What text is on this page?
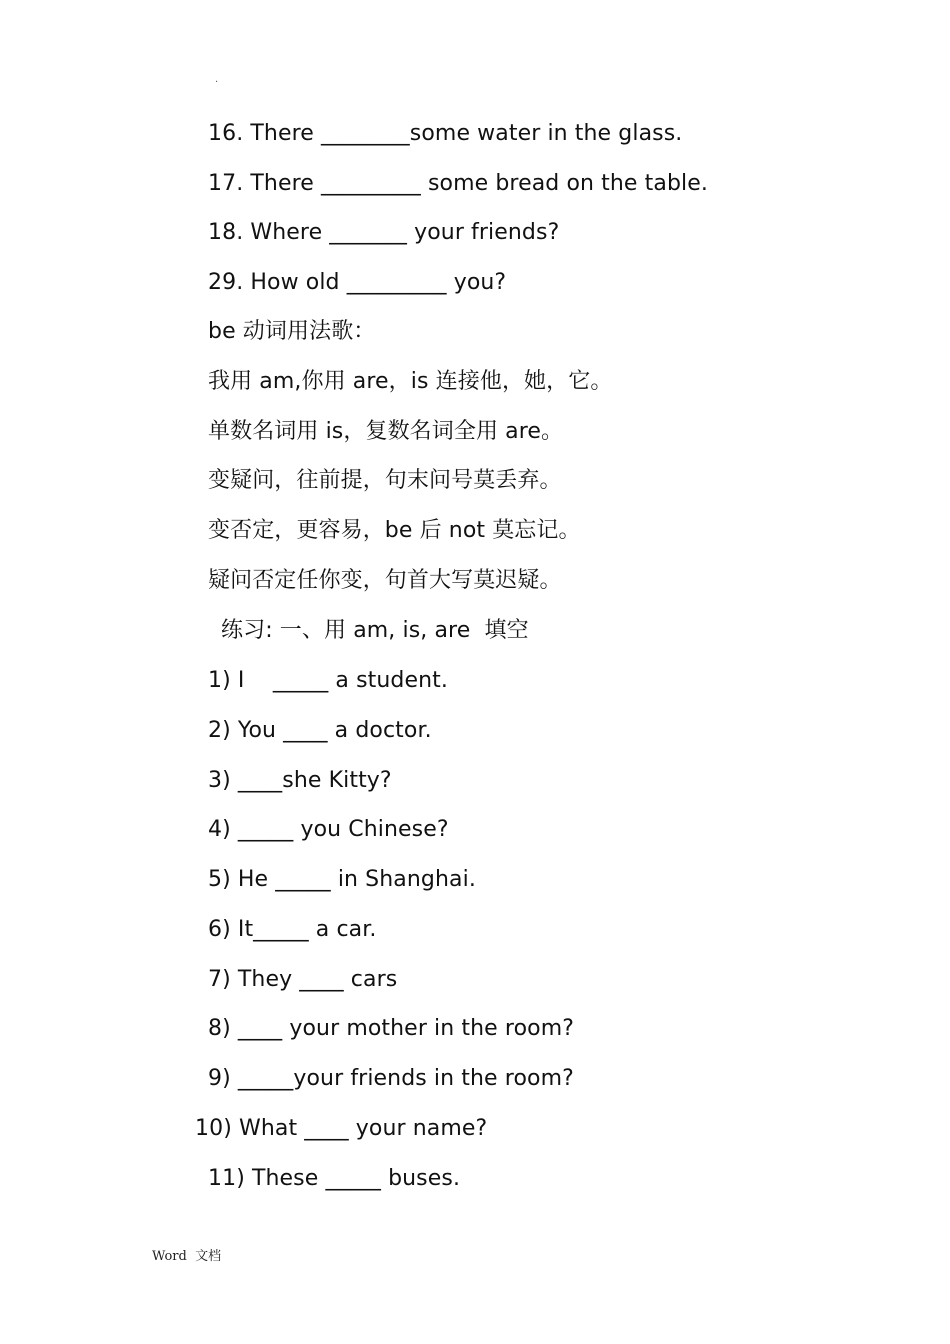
.
16. There ________some water in the glass.
17. There _________ some bread on the table.
18. Where _______ your friends?
29. How old _________ you?
be 动词用法歌：
我用 am,你用 are，is 连接他，她，它。
单数名词用 is，复数名词全用 are。
变疑问，往前提，句末问号莫丢弃。
变否定，更容易，be 后 not 莫忘记。
疑问否定任你变，句首大写莫迟疑。
练习: 一、用 am, is, are  填空
1) I    _____ a student.
2) You ____ a doctor.
3) ____she Kitty?
4) _____ you Chinese?
5) He _____ in Shanghai.
6) It_____ a car.
7) They ____ cars
8) ____ your mother in the room?
9) _____your friends in the room?
10) What ____ your name?
11) These _____ buses.
Word  文档
